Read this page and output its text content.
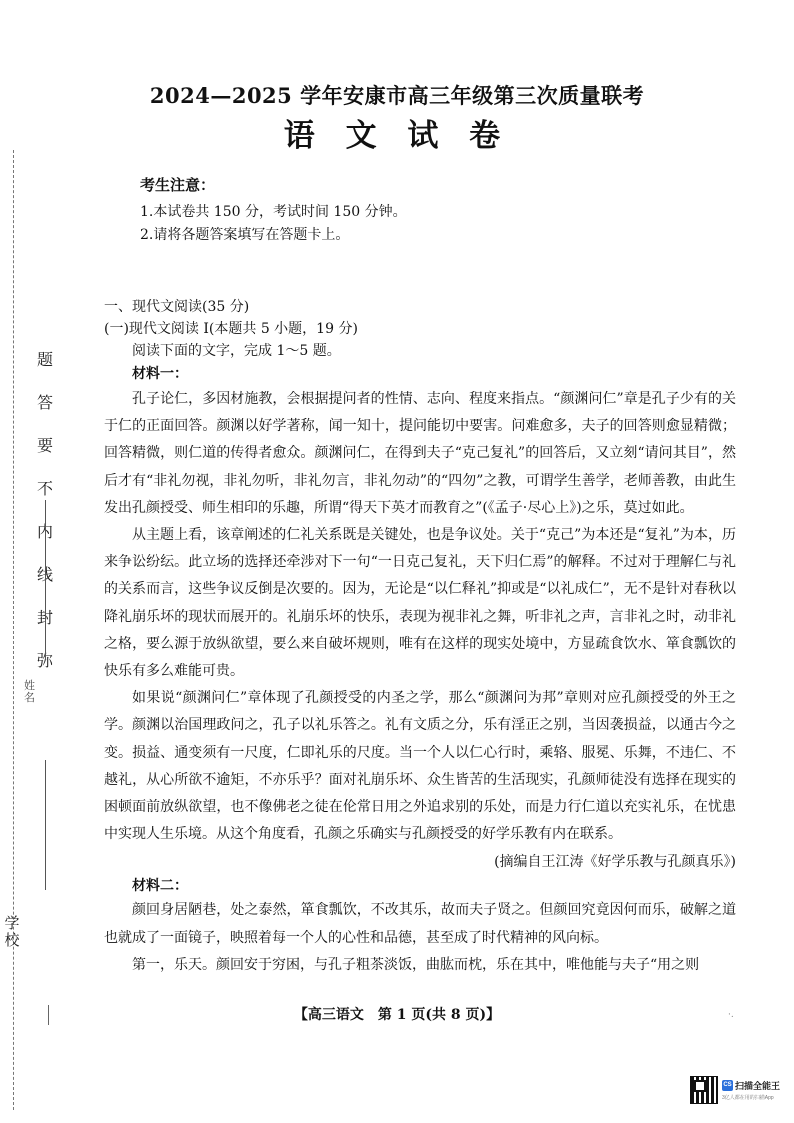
题
答
要
不
内
线
封
弥
姓名
学校
2024—2025 学年安康市高三年级第三次质量联考
语 文 试 卷
考生注意：
1.本试卷共 150 分，考试时间 150 分钟。
2.请将各题答案填写在答题卡上。
一、现代文阅读(35 分)
(一)现代文阅读 Ⅰ(本题共 5 小题，19 分)
阅读下面的文字，完成 1～5 题。
材料一：

孔子论仁，多因材施教，会根据提问者的性情、志向、程度来指点。“颜渊问仁”章是孔子少有的关于仁的正面回答。颜渊以好学著称，闻一知十，提问能切中要害。问难愈多，夫子的回答则愈显精微；回答精微，则仁道的传得者愈众。颜渊问仁，在得到夫子“克己复礼”的回答后，又立刻“请问其目”，然后才有“非礼勿视，非礼勿听，非礼勿言，非礼勿动”的“四勿”之教，可谓学生善学，老师善教，由此生发出孔颜授受、师生相印的乐趣，所谓“得天下英才而教育之”(《孟子·尽心上》)之乐，莫过如此。

从主题上看，该章阐述的仁礼关系既是关键处，也是争议处。关于“克己”为本还是“复礼”为本，历来争讼纷纭。此立场的选择还牵涉对下一句“一日克己复礼，天下归仁焉”的解释。不过对于理解仁与礼的关系而言，这些争议反倒是次要的。因为，无论是“以仁释礼”抑或是“以礼成仁”，无不是针对春秋以降礼崩乐坏的现状而展开的。礼崩乐坏的快乐，表现为视非礼之舞，听非礼之声，言非礼之时，动非礼之格，要么源于放纵欲望，要么来自破坏规则，唯有在这样的现实处境中，方显疏食饮水、箪食瓢饮的快乐有多么难能可贵。

如果说“颜渊问仁”章体现了孔颜授受的内圣之学，那么“颜渊问为邦”章则对应孔颜授受的外王之学。颜渊以治国理政问之，孔子以礼乐答之。礼有文质之分，乐有淫正之别，当因袭损益，以通古今之变。损益、通变须有一尺度，仁即礼乐的尺度。当一个人以仁心行时，乘辂、服冕、乐舞，不违仁、不越礼，从心所欲不逾矩，不亦乐乎？面对礼崩乐坏、众生皆苦的生活现实，孔颜师徒没有选择在现实的困顿面前放纵欲望，也不像佛老之徒在伦常日用之外追求别的乐处，而是力行仁道以充实礼乐，在忧患中实现人生乐境。从这个角度看，孔颜之乐确实与孔颜授受的好学乐教有内在联系。

(摘编自王江涛《好学乐教与孔颜真乐》)
材料二：

颜回身居陋巷，处之泰然，箪食瓢饮，不改其乐，故而夫子贤之。但颜回究竟因何而乐，破解之道也就成了一面镜子，映照着每一个人的心性和品德，甚至成了时代精神的风向标。

第一，乐天。颜回安于穷困，与孔子粗茶淡饭，曲肱而枕，乐在其中，唯他能与夫子“用之则

【高三语文　第 1 页(共 8 页)】	·.
CS 扫描全能王
3亿人都在用的扫描App
